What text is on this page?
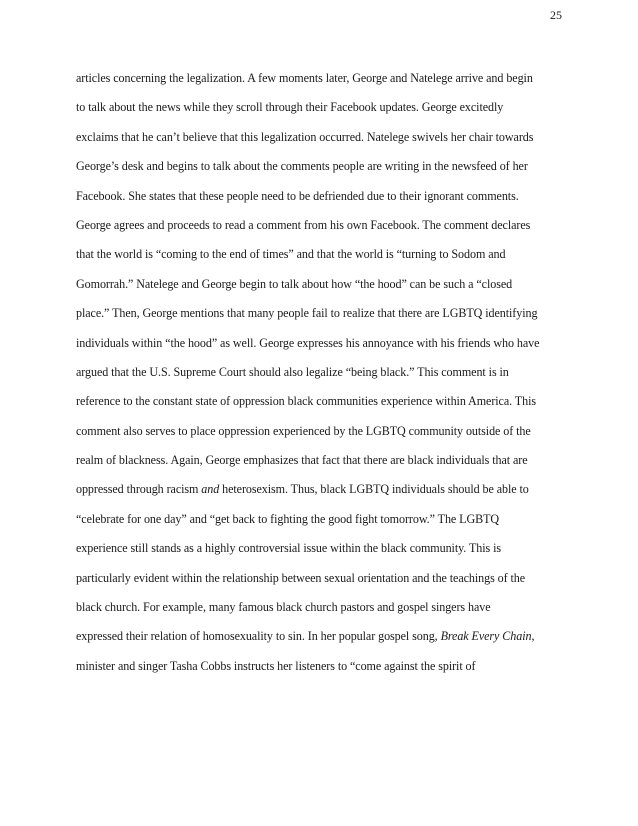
25
articles concerning the legalization. A few moments later, George and Natelege arrive and begin
to talk about the news while they scroll through their Facebook updates. George excitedly
exclaims that he can’t believe that this legalization occurred. Natelege swivels her chair towards
George’s desk and begins to talk about the comments people are writing in the newsfeed of her
Facebook. She states that these people need to be defriended due to their ignorant comments.
George agrees and proceeds to read a comment from his own Facebook. The comment declares
that the world is “coming to the end of times” and that the world is “turning to Sodom and
Gomorrah.” Natelege and George begin to talk about how “the hood” can be such a “closed
place.” Then, George mentions that many people fail to realize that there are LGBTQ identifying
individuals within “the hood” as well. George expresses his annoyance with his friends who have
argued that the U.S. Supreme Court should also legalize “being black.” This comment is in
reference to the constant state of oppression black communities experience within America. This
comment also serves to place oppression experienced by the LGBTQ community outside of the
realm of blackness. Again, George emphasizes that fact that there are black individuals that are
oppressed through racism and heterosexism. Thus, black LGBTQ individuals should be able to
“celebrate for one day” and “get back to fighting the good fight tomorrow.” The LGBTQ
experience still stands as a highly controversial issue within the black community. This is
particularly evident within the relationship between sexual orientation and the teachings of the
black church. For example, many famous black church pastors and gospel singers have
expressed their relation of homosexuality to sin. In her popular gospel song, Break Every Chain,
minister and singer Tasha Cobbs instructs her listeners to “come against the spirit of
